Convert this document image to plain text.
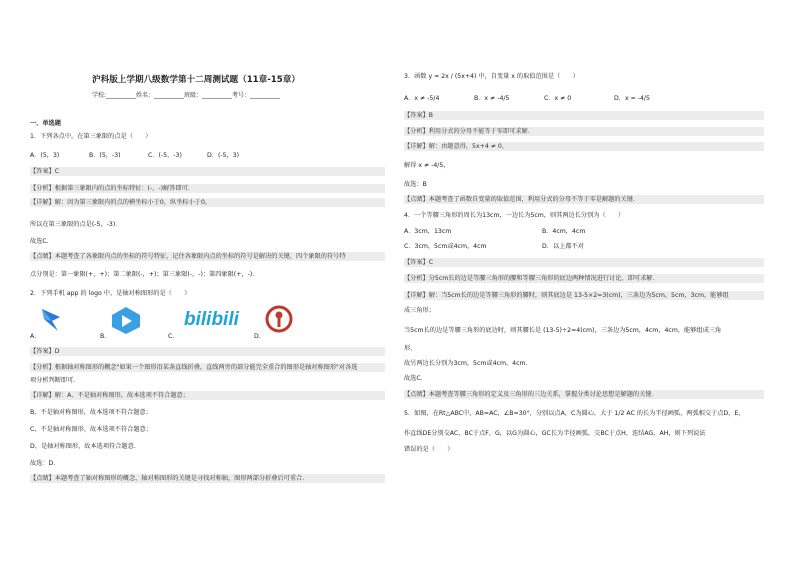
沪科版上学期八级数学第十二周测试题（11章-15章）
学校:__________姓名：__________班级：__________考号：__________
一、单选题
1．下列各点中，在第三象限的点是（　　）
A．(5，3)	B．(5，-3)	C．(-5，-3)	D．(-5，3)
【答案】C
【分析】根据第三象限内的点的坐标特征：(-，-)解答即可．
【详解】解：因为第三象限内的点的横坐标小于0，纵坐标小于0，
所以在第三象限的点是(-5，-3)．
故选C．
【点睛】本题考查了各象限内点的坐标的符号特征，记住各象限内点的坐标的符号是解决的关键，四个象限的符号特
点分别是：第一象限(+，+)；第二象限(-，+)；第三象限(-，-)；第四象限(+，-)．
2．下列手机 app 的 logo 中，是轴对称图形的是（　　）
A．	B．	C．
bilibili
D．
【答案】D
【分析】根据轴对称图形的概念"如果一个图形沿某条直线折叠，直线两旁的部分能完全重合的图形是轴对称图形"对各选
项分析判断即可．
【详解】解：A、不是轴对称图形，故本选项不符合题意；
B、不是轴对称图形，故本选项不符合题意；
C、不是轴对称图形，故本选项不符合题意；
D、是轴对称图形，故本选项符合题意．
故选：D．
【点睛】本题考查了轴对称图形的概念，轴对称图形的关键是寻找对称轴，图形两部分折叠后可重合．
3．函数 y = 2x / (5x+4) 中，自变量 x 的取值范围是（　　）
A．x ≠ -5/4	B．x ≠ -4/5	C．x ≠ 0	D．x = -4/5
【答案】B
【分析】利用分式的分母不能等于零即可求解．
【详解】解：由题意得，5x+4 ≠ 0，
解得 x ≠ -4/5，
故选：B
【点睛】本题考查了函数自变量的取值范围，利用分式的分母不等于零是解题的关键．
4．一个等腰三角形的周长为13cm，一边长为5cm，则其两边长分别为（　　）
A．3cm，13cm	B．4cm，4cm
C．3cm，5cm或4cm，4cm	D．以上都不对
【答案】C
【分析】分5cm长的边是等腰三角形的腰和等腰三角形的底边两种情况进行讨论，即可求解．
【详解】解：当5cm长的边是等腰三角形的腰时，则其底边是 13-5×2=3(cm)，三条边为5cm，5cm，3cm，能够组
成三角形；
当5cm长的边是等腰三角形的底边时，则其腰长是 (13-5)÷2=4(cm)，三条边为5cm，4cm，4cm，能够组成三角
形，
故另两边长分别为3cm，5cm或4cm，4cm．
故选C．
【点睛】本题考查等腰三角形的定义及三角形的三边关系，掌握分类讨论思想是解题的关键．
5．如图，在Rt△ABC中，AB=AC，∠B=30°，分别以点A，C为圆心，大于 1/2 AC 的长为半径画弧，两弧相交于点D，E，
作直线DE分别交AC，BC于点F，G，以G为圆心，GC长为半径画弧，交BC于点H，连结AG，AH，则下列说法
错误的是（　　）
